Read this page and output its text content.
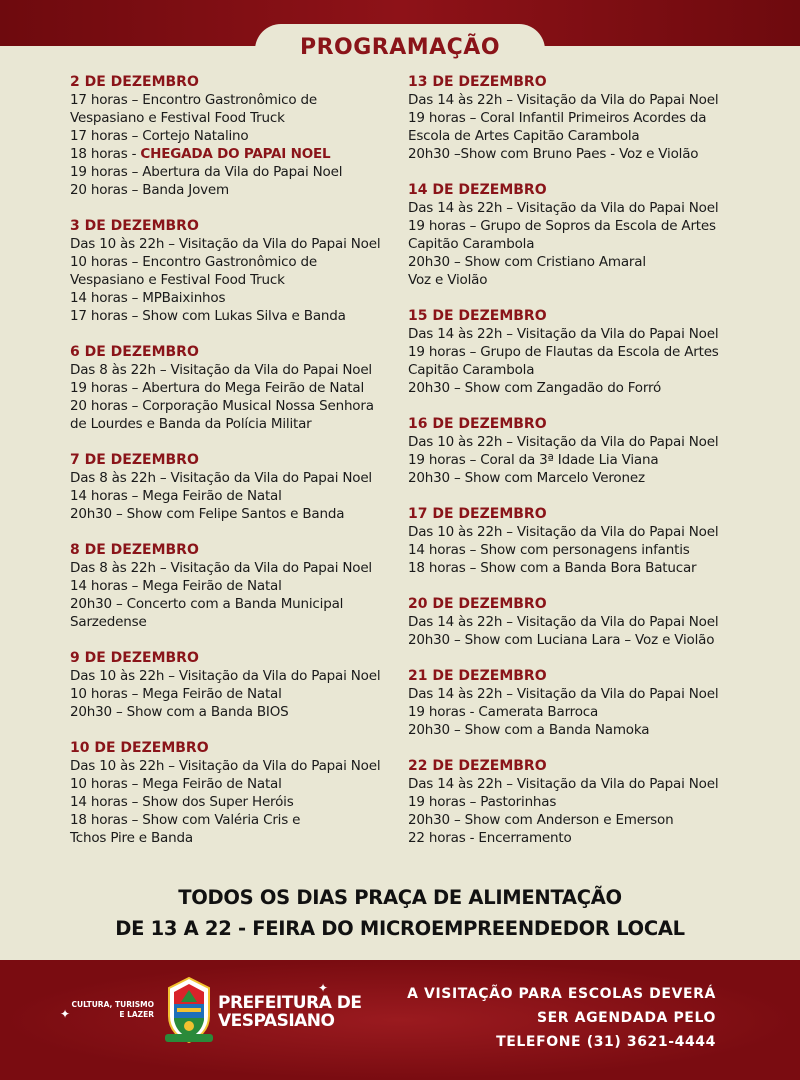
PROGRAMAÇÃO
2 DE DEZEMBRO
17 horas – Encontro Gastronômico de
Vespasiano e Festival Food Truck
17 horas – Cortejo Natalino
18 horas - CHEGADA DO PAPAI NOEL
19 horas – Abertura da Vila do Papai Noel
20 horas – Banda Jovem
3 DE DEZEMBRO
Das 10 às 22h – Visitação da Vila do Papai Noel
10 horas – Encontro Gastronômico de
Vespasiano e Festival Food Truck
14 horas – MPBaixinhos
17 horas – Show com Lukas Silva e Banda
6 DE DEZEMBRO
Das 8 às 22h – Visitação da Vila do Papai Noel
19 horas – Abertura do Mega Feirão de Natal
20 horas – Corporação Musical Nossa Senhora
de Lourdes e Banda da Polícia Militar
7 DE DEZEMBRO
Das 8 às 22h – Visitação da Vila do Papai Noel
14 horas – Mega Feirão de Natal
20h30 – Show com Felipe Santos e Banda
8 DE DEZEMBRO
Das 8 às 22h – Visitação da Vila do Papai Noel
14 horas – Mega Feirão de Natal
20h30 – Concerto com a Banda Municipal
Sarzedense
9 DE DEZEMBRO
Das 10 às 22h – Visitação da Vila do Papai Noel
10 horas – Mega Feirão de Natal
20h30 – Show com a Banda BIOS
10 DE DEZEMBRO
Das 10 às 22h – Visitação da Vila do Papai Noel
10 horas – Mega Feirão de Natal
14 horas – Show dos Super Heróis
18 horas – Show com Valéria Cris e
Tchos Pire e Banda
13 DE DEZEMBRO
Das 14 às 22h – Visitação da Vila do Papai Noel
19 horas – Coral Infantil Primeiros Acordes da
Escola de Artes Capitão Carambola
20h30 –Show com Bruno Paes - Voz e Violão
14 DE DEZEMBRO
Das 14 às 22h – Visitação da Vila do Papai Noel
19 horas – Grupo de Sopros da Escola de Artes
Capitão Carambola
20h30 – Show com Cristiano Amaral
Voz e Violão
15 DE DEZEMBRO
Das 14 às 22h – Visitação da Vila do Papai Noel
19 horas – Grupo de Flautas da Escola de Artes
Capitão Carambola
20h30 – Show com Zangadão do Forró
16 DE DEZEMBRO
Das 10 às 22h – Visitação da Vila do Papai Noel
19 horas – Coral da 3ª Idade Lia Viana
20h30 – Show com Marcelo Veronez
17 DE DEZEMBRO
Das 10 às 22h – Visitação da Vila do Papai Noel
14 horas – Show com personagens infantis
18 horas – Show com a Banda Bora Batucar
20 DE DEZEMBRO
Das 14 às 22h – Visitação da Vila do Papai Noel
20h30 – Show com Luciana Lara – Voz e Violão
21 DE DEZEMBRO
Das 14 às 22h – Visitação da Vila do Papai Noel
19 horas - Camerata Barroca
20h30 – Show com a Banda Namoka
22 DE DEZEMBRO
Das 14 às 22h – Visitação da Vila do Papai Noel
19 horas – Pastorinhas
20h30 – Show com Anderson e Emerson
22 horas - Encerramento
TODOS OS DIAS PRAÇA DE ALIMENTAÇÃO
DE 13 A 22 - FEIRA DO MICROEMPREENDEDOR LOCAL
✦
✦
CULTURA, TURISMO
E LAZER
PREFEITURA DE
VESPASIANO
A VISITAÇÃO PARA ESCOLAS DEVERÁ
SER AGENDADA PELO
TELEFONE (31) 3621-4444
